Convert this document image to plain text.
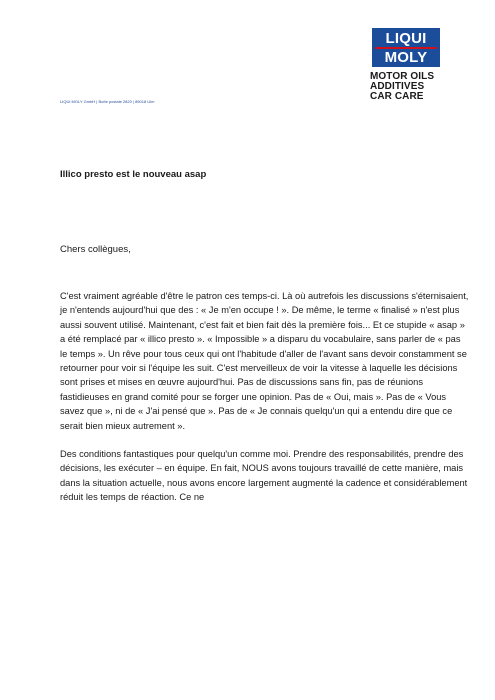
LIQUI
MOLY
MOTOR OILS
ADDITIVES
CAR CARE
LIQUI MOLY GmbH | Boîte postale 2820 | 89018 Ulm
Illico presto est le nouveau asap

Chers collègues,

C'est vraiment agréable d'être le patron ces temps-ci. Là où autrefois les discussions s'éternisaient, je n'entends aujourd'hui que des : « Je m'en occupe ! ». De même, le terme « finalisé » n'est plus aussi souvent utilisé. Maintenant, c'est fait et bien fait dès la première fois... Et ce stupide « asap » a été remplacé par « illico presto ». « Impossible » a disparu du vocabulaire, sans parler de « pas le temps ». Un rêve pour tous ceux qui ont l'habitude d'aller de l'avant sans devoir constamment se retourner pour voir si l'équipe les suit. C'est merveilleux de voir la vitesse à laquelle les décisions sont prises et mises en œuvre aujourd'hui. Pas de discussions sans fin, pas de réunions fastidieuses en grand comité pour se forger une opinion. Pas de « Oui, mais ». Pas de « Vous savez que », ni de « J'ai pensé que ». Pas de « Je connais quelqu'un qui a entendu dire que ce serait bien mieux autrement ».

Des conditions fantastiques pour quelqu'un comme moi. Prendre des responsabilités, prendre des décisions, les exécuter – en équipe. En fait, NOUS avons toujours travaillé de cette manière, mais dans la situation actuelle, nous avons encore largement augmenté la cadence et considérablement réduit les temps de réaction. Ce ne
